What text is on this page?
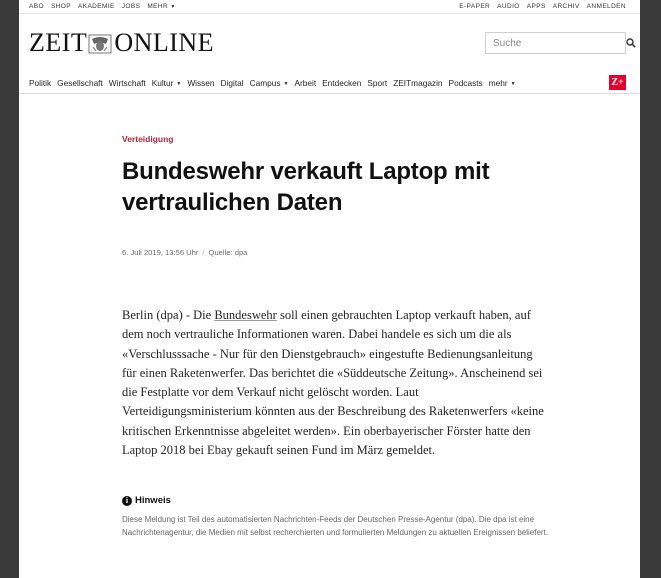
ABO SHOP AKADEMIE JOBS MEHR ▼	E-PAPER AUDIO APPS ARCHIV ANMELDEN
ZEIT ONLINE
Suche
Politik Gesellschaft Wirtschaft Kultur ▼ Wissen Digital Campus ▼ Arbeit Entdecken Sport ZEITmagazin Podcasts mehr ▼	Z+
Verteidigung
Bundeswehr verkauft Laptop mit vertraulichen Daten
6. Juli 2019, 13:56 Uhr / Quelle: dpa

Berlin (dpa) - Die Bundeswehr soll einen gebrauchten Laptop verkauft haben, auf dem noch vertrauliche Informationen waren. Dabei handele es sich um die als «Verschlusssache - Nur für den Dienstgebrauch» eingestufte Bedienungsanleitung für einen Raketenwerfer. Das berichtet die «Süddeutsche Zeitung». Anscheinend sei die Festplatte vor dem Verkauf nicht gelöscht worden. Laut Verteidigungsministerium könnten aus der Beschreibung des Raketenwerfers «keine kritischen Erkenntnisse abgeleitet werden». Ein oberbayerischer Förster hatte den Laptop 2018 bei Ebay gekauft seinen Fund im März gemeldet.

i Hinweis

Diese Meldung ist Teil des automatisierten Nachrichten-Feeds der Deutschen Presse-Agentur (dpa). Die dpa ist eine Nachrichtenagentur, die Medien mit selbst recherchierten und formulierten Meldungen zu aktuellen Ereignissen beliefert.
